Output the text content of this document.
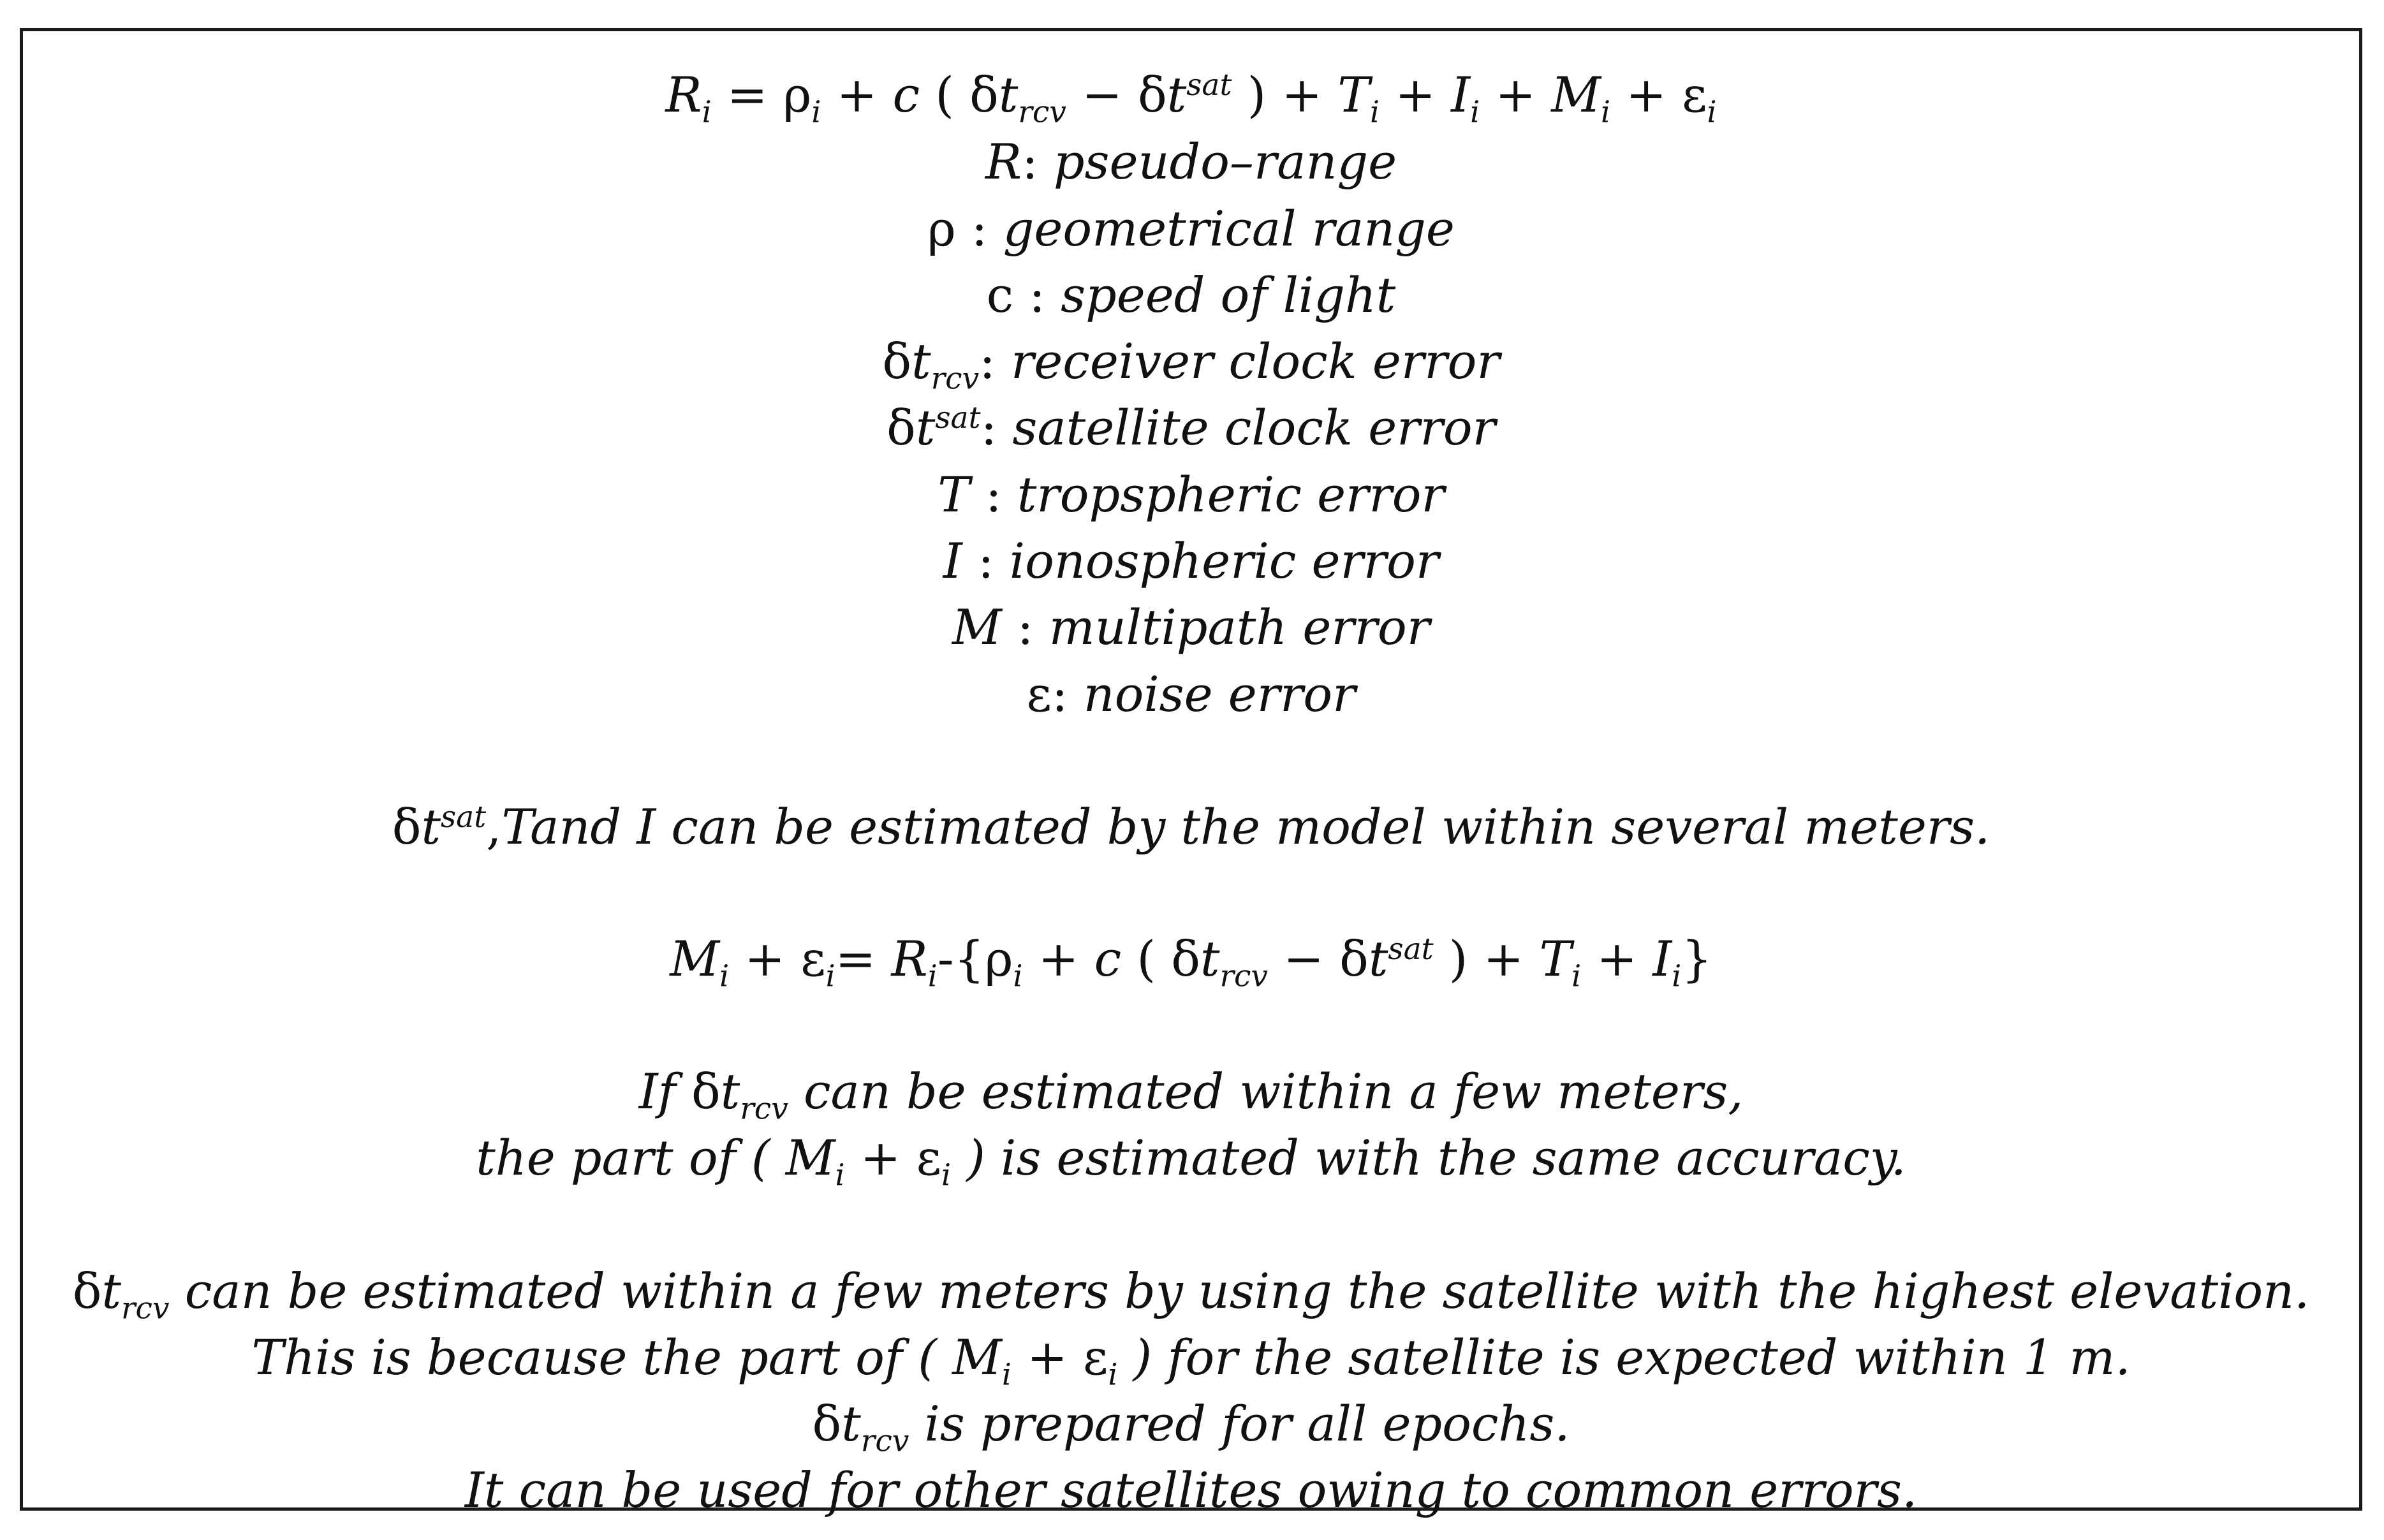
$R_i = \rho_i + c$ ( $\delta t_{rcv} - \delta t^{sat}$ ) + $T_i + I_i + M_i + \varepsilon_i$
R: pseudo–range
ρ : geometrical range
c : speed of light
$\delta t_{rcv}$: receiver clock error
$\delta t^{sat}$: satellite clock error
T : tropspheric error
I : ionospheric error
M : multipath error
ε: noise error
$\delta t^{sat},Tand$ I can be estimated by the model within several meters.
$M_i + \varepsilon_i= R_i-\{\rho_i + c$ ( $\delta t_{rcv} - \delta t^{sat}$ ) + $T_i + I_i$}
If $\delta t_{rcv}$ can be estimated within a few meters,
the part of ( $M_i + \varepsilon_i$ ) is estimated with the same accuracy.
$\delta t_{rcv}$ can be estimated within a few meters by using the satellite with the highest elevation.
This is because the part of ( $M_i + \varepsilon_i$ ) for the satellite is expected within 1 m.
$\delta t_{rcv}$ is prepared for all epochs.
It can be used for other satellites owing to common errors.
